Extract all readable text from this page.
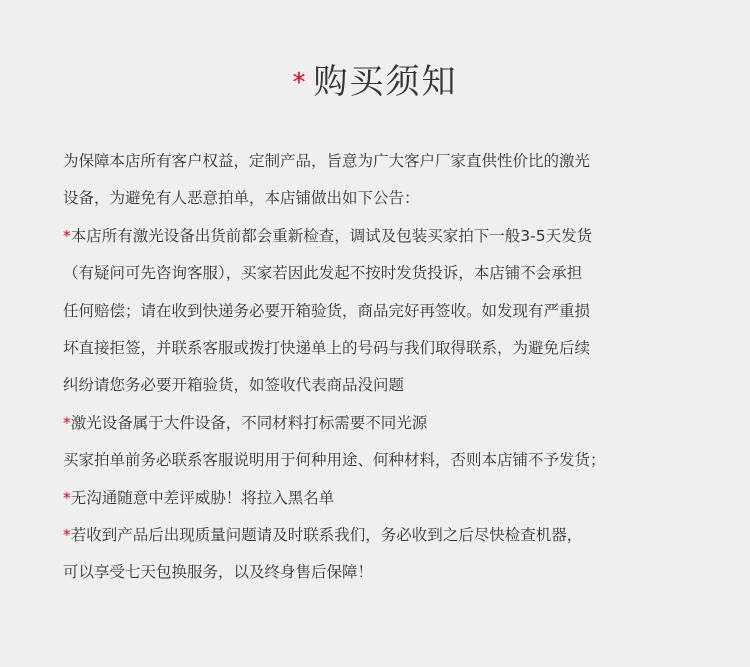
* 购买须知
为保障本店所有客户权益，定制产品，旨意为广大客户厂家直供性价比的激光
设备，为避免有人恶意拍单，本店铺做出如下公告：
*本店所有激光设备出货前都会重新检查，调试及包装买家拍下一般3-5天发货
（有疑问可先咨询客服），买家若因此发起不按时发货投诉，本店铺不会承担
任何赔偿；请在收到快递务必要开箱验货，商品完好再签收。如发现有严重损
坏直接拒签，并联系客服或拨打快递单上的号码与我们取得联系，为避免后续
纠纷请您务必要开箱验货，如签收代表商品没问题
*激光设备属于大件设备，不同材料打标需要不同光源
买家拍单前务必联系客服说明用于何种用途、何种材料，否则本店铺不予发货；
*无沟通随意中差评威胁！将拉入黑名单
*若收到产品后出现质量问题请及时联系我们，务必收到之后尽快检查机器，
可以享受七天包换服务，以及终身售后保障！
